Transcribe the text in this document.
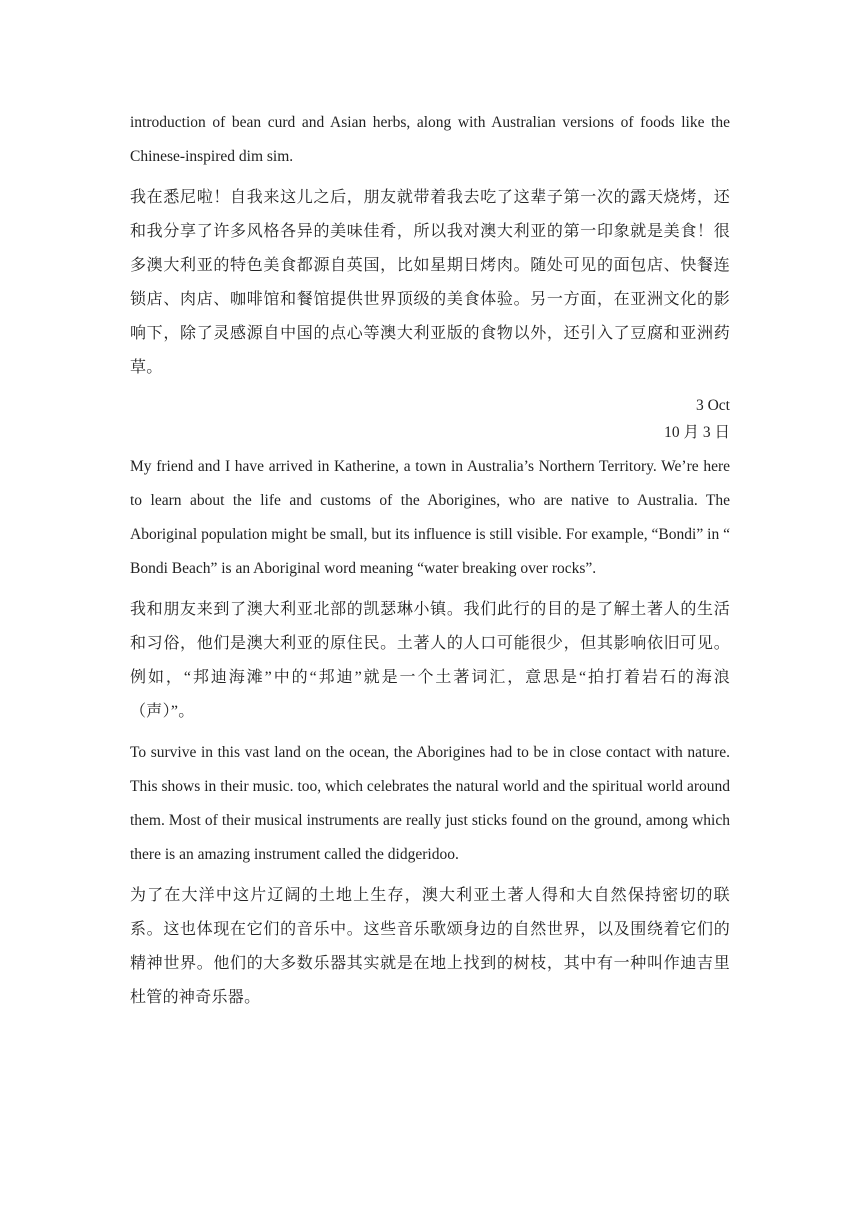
introduction of bean curd and Asian herbs, along with Australian versions of foods like the Chinese-inspired dim sim.

我在悉尼啦！自我来这儿之后，朋友就带着我去吃了这辈子第一次的露天烧烤，还和我分享了许多风格各异的美味佳肴，所以我对澳大利亚的第一印象就是美食！很多澳大利亚的特色美食都源自英国，比如星期日烤肉。随处可见的面包店、快餐连锁店、肉店、咖啡馆和餐馆提供世界顶级的美食体验。另一方面，在亚洲文化的影响下，除了灵感源自中国的点心等澳大利亚版的食物以外，还引入了豆腐和亚洲药草。

3 Oct

10 月 3 日

My friend and I have arrived in Katherine, a town in Australia’s Northern Territory. We’re here to learn about the life and customs of the Aborigines, who are native to Australia. The Aboriginal population might be small, but its influence is still visible. For example, “Bondi” in “ Bondi Beach” is an Aboriginal word meaning “water breaking over rocks”.

我和朋友来到了澳大利亚北部的凯瑟琳小镇。我们此行的目的是了解土著人的生活和习俗，他们是澳大利亚的原住民。土著人的人口可能很少，但其影响依旧可见。例如，“邦迪海滩”中的“邦迪”就是一个土著词汇，意思是“拍打着岩石的海浪（声）”。

To survive in this vast land on the ocean, the Aborigines had to be in close contact with nature. This shows in their music. too, which celebrates the natural world and the spiritual world around them. Most of their musical instruments are really just sticks found on the ground, among which there is an amazing instrument called the didgeridoo.

为了在大洋中这片辽阔的土地上生存，澳大利亚土著人得和大自然保持密切的联系。这也体现在它们的音乐中。这些音乐歌颂身边的自然世界，以及围绕着它们的精神世界。他们的大多数乐器其实就是在地上找到的树枝，其中有一种叫作迪吉里杜管的神奇乐器。
